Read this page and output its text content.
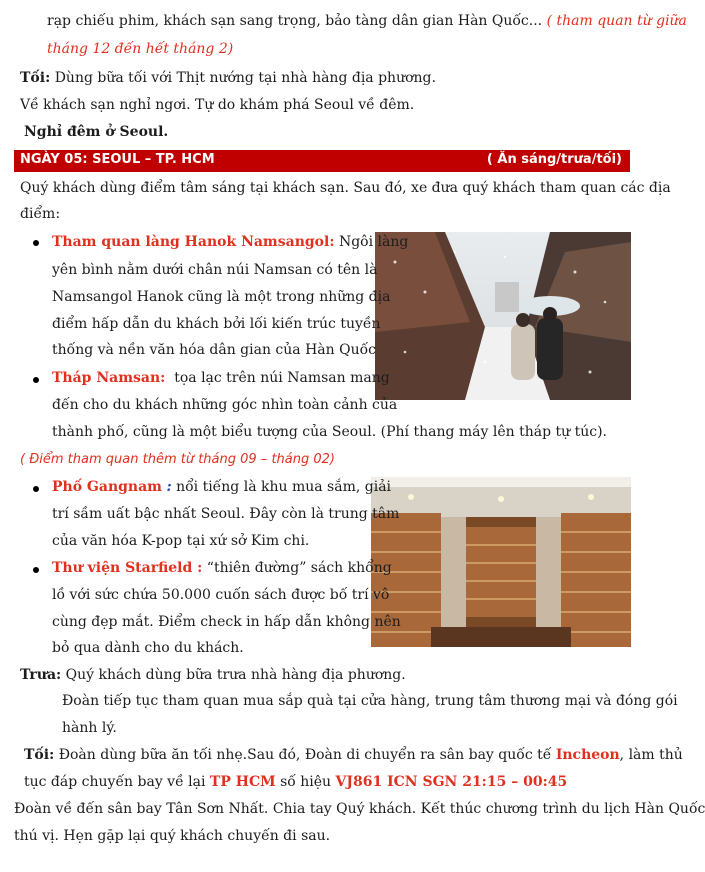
rạp chiếu phim, khách sạn sang trọng, bảo tàng dân gian Hàn Quốc... ( tham quan từ giữa
tháng 12 đến hết tháng 2)
Tối: Dùng bữa tối với Thịt nướng tại nhà hàng địa phương.
Về khách sạn nghỉ ngơi. Tự do khám phá Seoul về đêm.
Nghỉ đêm ở Seoul.
NGÀY 05: SEOUL – TP. HCM	( Ăn sáng/trưa/tối)
Quý khách dùng điểm tâm sáng tại khách sạn. Sau đó, xe đưa quý khách tham quan các địa
điểm:
Tham quan làng Hanok Namsangol: Ngôi làng
yên bình nằm dưới chân núi Namsan có tên là
Namsangol Hanok cũng là một trong những địa
điểm hấp dẫn du khách bởi lối kiến trúc tuyền
thống và nền văn hóa dân gian của Hàn Quốc
Tháp Namsan: tọa lạc trên núi Namsan mang
đến cho du khách những góc nhìn toàn cảnh của
thành phố, cũng là một biểu tượng của Seoul. (Phí thang máy lên tháp tự túc).
( Điểm tham quan thêm từ tháng 09 – tháng 02)
Phố Gangnam : nổi tiếng là khu mua sắm, giải
trí sầm uất bậc nhất Seoul. Đây còn là trung tâm
của văn hóa K-pop tại xứ sở Kim chi.
Thư viện Starfield : “thiên đường” sách khổng
lồ với sức chứa 50.000 cuốn sách được bố trí vô
cùng đẹp mắt. Điểm check in hấp dẫn không nên
bỏ qua dành cho du khách.
Trưa: Quý khách dùng bữa trưa nhà hàng địa phương.
Đoàn tiếp tục tham quan mua sắp quà tại cửa hàng, trung tâm thương mại và đóng gói
hành lý.
Tối: Đoàn dùng bữa ăn tối nhẹ.Sau đó, Đoàn di chuyển ra sân bay quốc tế Incheon, làm thủ
tục đáp chuyến bay về lại TP HCM số hiệu VJ861 ICN SGN 21:15 – 00:45
Đoàn về đến sân bay Tân Sơn Nhất. Chia tay Quý khách. Kết thúc chương trình du lịch Hàn Quốc
thú vị. Hẹn gặp lại quý khách chuyến đi sau.
